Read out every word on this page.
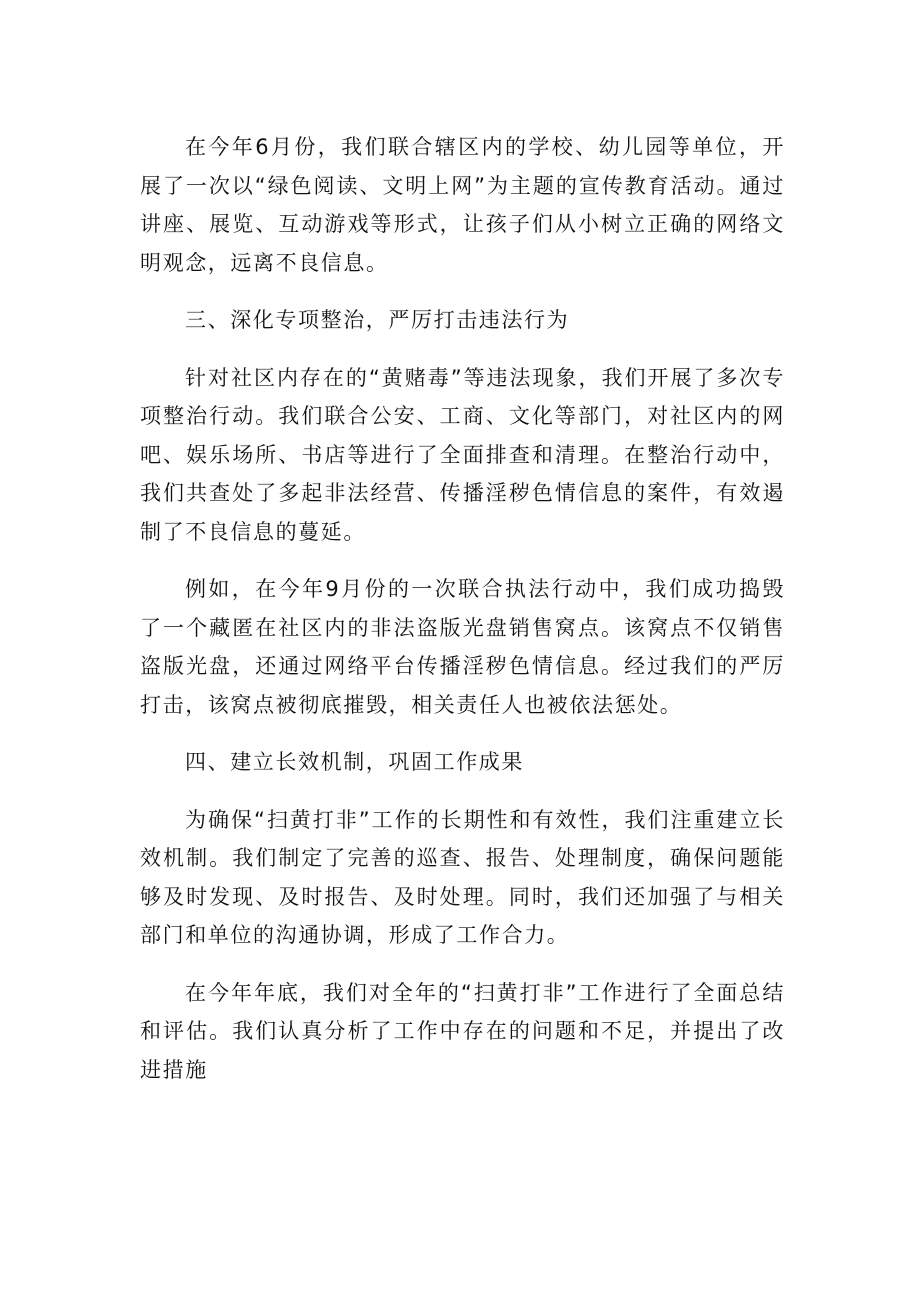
在今年6月份，我们联合辖区内的学校、幼儿园等单位，开展了一次以“绿色阅读、文明上网”为主题的宣传教育活动。通过讲座、展览、互动游戏等形式，让孩子们从小树立正确的网络文明观念，远离不良信息。

三、深化专项整治，严厉打击违法行为

针对社区内存在的“黄赌毒”等违法现象，我们开展了多次专项整治行动。我们联合公安、工商、文化等部门，对社区内的网吧、娱乐场所、书店等进行了全面排查和清理。在整治行动中，我们共查处了多起非法经营、传播淫秽色情信息的案件，有效遏制了不良信息的蔓延。

例如，在今年9月份的一次联合执法行动中，我们成功捣毁了一个藏匿在社区内的非法盗版光盘销售窝点。该窝点不仅销售盗版光盘，还通过网络平台传播淫秽色情信息。经过我们的严厉打击，该窝点被彻底摧毁，相关责任人也被依法惩处。

四、建立长效机制，巩固工作成果

为确保“扫黄打非”工作的长期性和有效性，我们注重建立长效机制。我们制定了完善的巡查、报告、处理制度，确保问题能够及时发现、及时报告、及时处理。同时，我们还加强了与相关部门和单位的沟通协调，形成了工作合力。

在今年年底，我们对全年的“扫黄打非”工作进行了全面总结和评估。我们认真分析了工作中存在的问题和不足，并提出了改进措施
